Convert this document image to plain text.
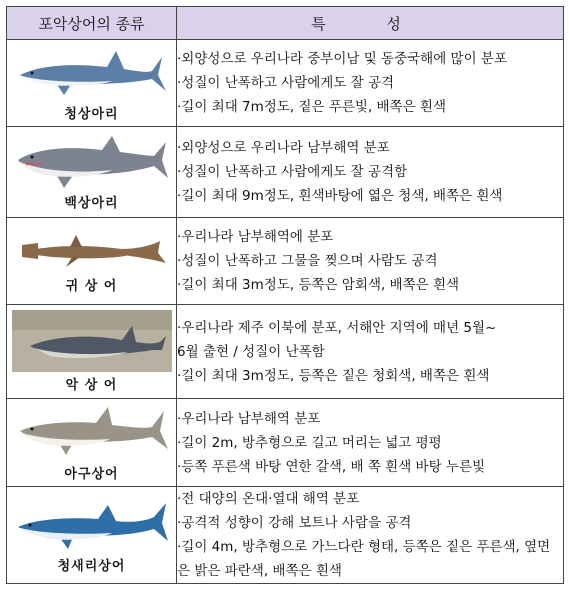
포악상어의 종류	특 성

청상아리	·외양성으로 우리나라 중부이남 및 동중국해에 많이 분포
·성질이 난폭하고 사람에게도 잘 공격
·길이 최대 7m정도, 짙은 푸른빛, 배쪽은 흰색

백상아리	·외양성으로 우리나라 남부해역 분포
·성질이 난폭하고 사람에게도 잘 공격함
·길이 최대 9m정도, 흰색바탕에 엷은 청색, 배쪽은 흰색

귀 상 어	·우리나라 남부해역에 분포
·성질이 난폭하고 그물을 찢으며 사람도 공격
·길이 최대 3m정도, 등쪽은 암회색, 배쪽은 흰색

악 상 어	·우리나라 제주 이북에 분포, 서해안 지역에 매년 5월~
6월 출현 / 성질이 난폭함
·길이 최대 3m정도, 등쪽은 짙은 청회색, 배쪽은 흰색

아구상어	·우리나라 남부해역 분포
·길이 2m, 방추형으로 길고 머리는 넓고 평평
·등쪽 푸른색 바탕 연한 갈색, 배 쪽 흰색 바탕 누른빛

청새리상어	·전 대양의 온대·열대 해역 분포
·공격적 성향이 강해 보트나 사람을 공격
·길이 4m, 방추형으로 가느다란 형태, 등쪽은 짙은 푸른색, 옆면은 밝은 파란색, 배쪽은 흰색
